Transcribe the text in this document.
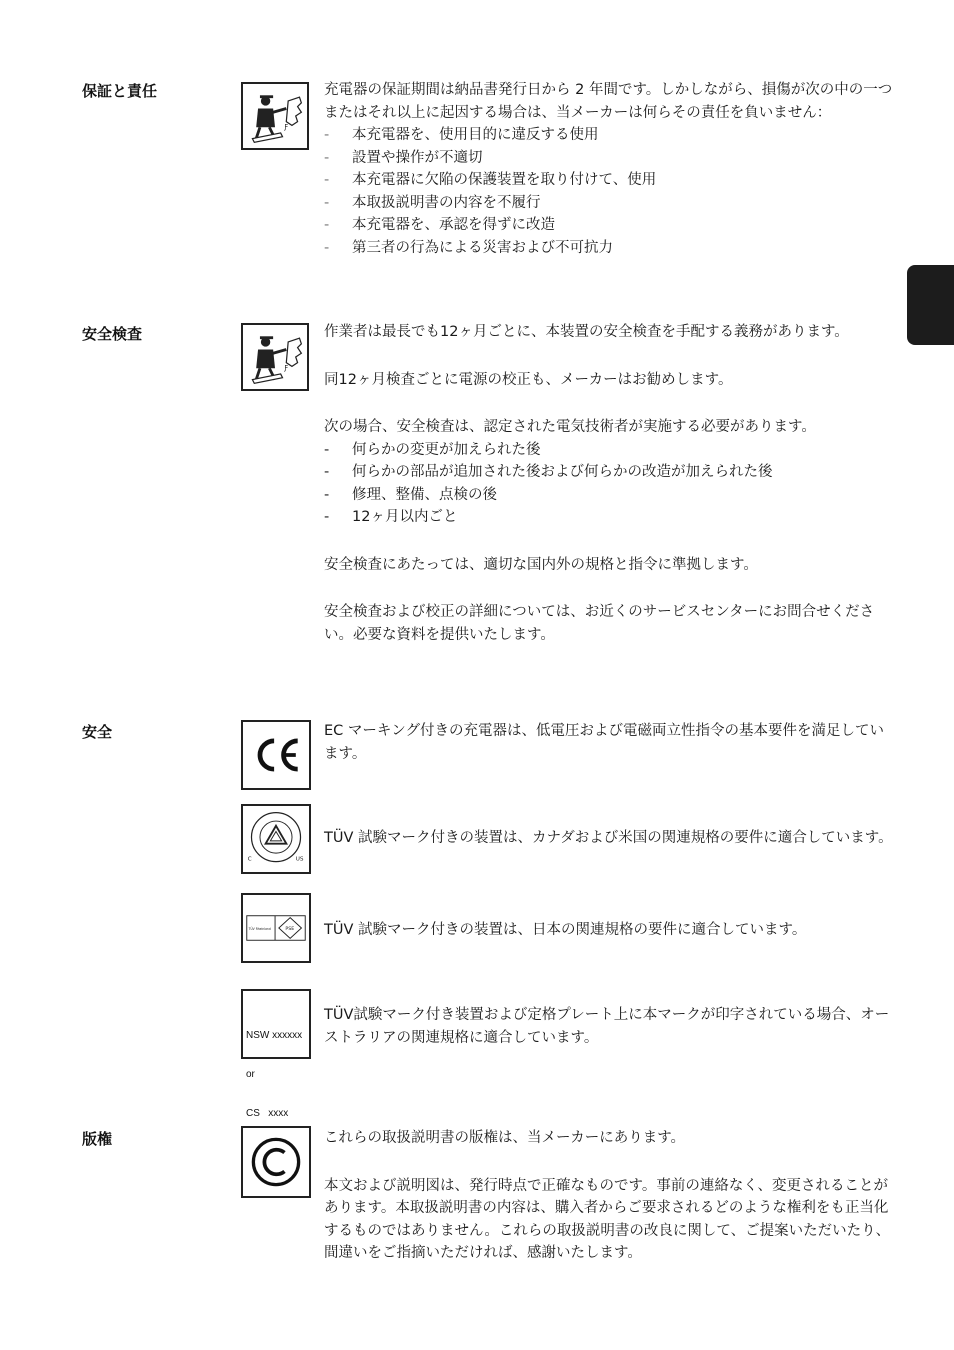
保証と責任
Ƒ

充電器の保証期間は納品書発行日から 2 年間です。しかしながら、損傷が次の中の一つまたはそれ以上に起因する場合は、当メーカーは何らその責任を負いません：

- 本充電器を、使用目的に違反する使用
- 設置や操作が不適切
- 本充電器に欠陥の保護装置を取り付けて、使用
- 本取扱説明書の内容を不履行
- 本充電器を、承認を得ずに改造
- 第三者の行為による災害および不可抗力
安全検査
Ƒ

作業者は最長でも12ヶ月ごとに、本装置の安全検査を手配する義務があります。

同12ヶ月検査ごとに電源の校正も、メーカーはお勧めします。

次の場合、安全検査は、認定された電気技術者が実施する必要があります。

- 何らかの変更が加えられた後
- 何らかの部品が追加された後および何らかの改造が加えられた後
- 修理、整備、点検の後
- 12ヶ月以内ごと

安全検査にあたっては、適切な国内外の規格と指令に準拠します。

安全検査および校正の詳細については、お近くのサービスセンターにお問合せください。必要な資料を提供いたします。

安全	EC マーキング付きの充電器は、低電圧および電磁両立性指令の基本要件を満足しています。
C	US
TÜV 試験マーク付きの装置は、カナダおよび米国の関連規格の要件に適合しています。
TÜV Rheinland	PSE TÜV 試験マーク付きの装置は、日本の関連規格の要件に適合しています。

NSW xxxxxx

or

CS   xxxx

TÜV試験マーク付き装置および定格プレート上に本マークが印字されている場合、オーストラリアの関連規格に適合しています。
版権	これらの取扱説明書の版権は、当メーカーにあります。

本文および説明図は、発行時点で正確なものです。事前の連絡なく、変更されることがあります。本取扱説明書の内容は、購入者からご要求されるどのような権利をも正当化するものではありません。これらの取扱説明書の改良に関して、ご提案いただいたり、間違いをご指摘いただければ、感謝いたします。
